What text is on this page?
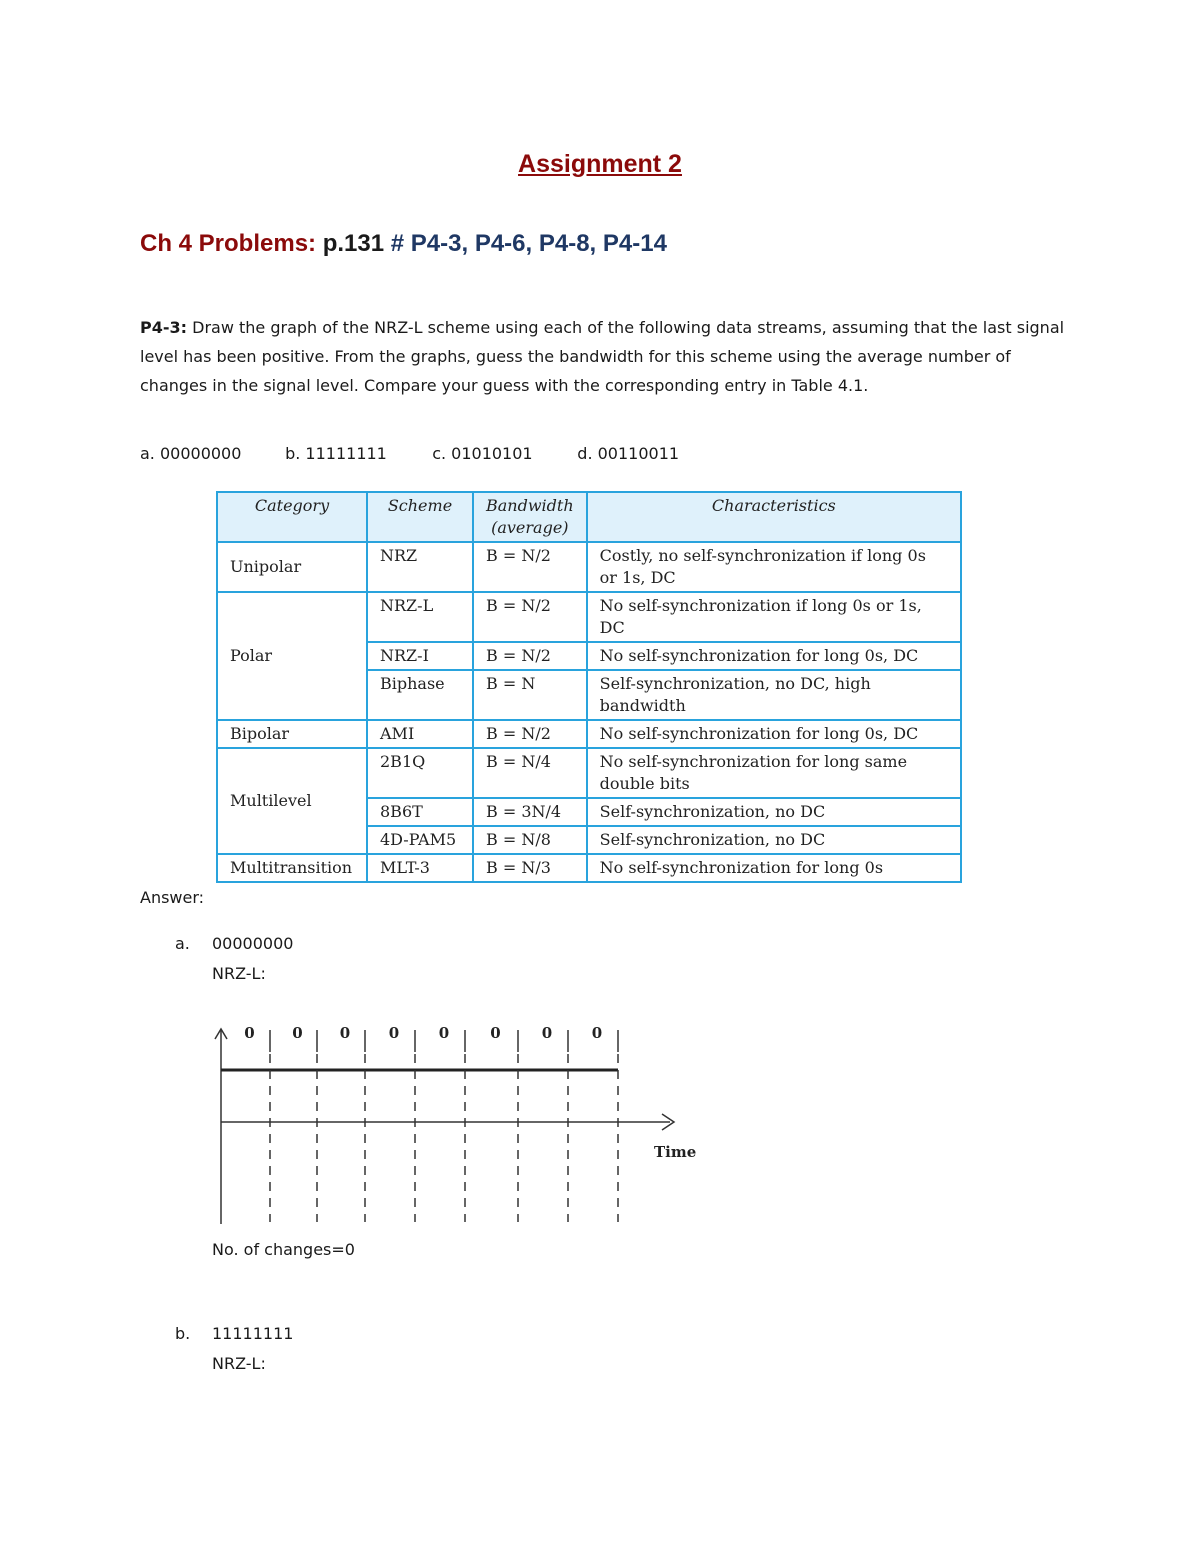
Assignment 2
Ch 4 Problems: p.131 # P4-3, P4-6, P4-8, P4-14
P4-3: Draw the graph of the NRZ-L scheme using each of the following data streams, assuming that the last signal level has been positive. From the graphs, guess the bandwidth for this scheme using the average number of changes in the signal level. Compare your guess with the corresponding entry in Table 4.1.
a. 00000000	b. 11111111	c. 01010101	d. 00110011
Category	Scheme	Bandwidth (average)	Characteristics
Unipolar	NRZ	B = N/2	Costly, no self-synchronization if long 0s or 1s, DC
Polar	NRZ-L	B = N/2	No self-synchronization if long 0s or 1s, DC
	NRZ-I	B = N/2	No self-synchronization for long 0s, DC
	Biphase	B = N	Self-synchronization, no DC, high bandwidth
Bipolar	AMI	B = N/2	No self-synchronization for long 0s, DC
Multilevel	2B1Q	B = N/4	No self-synchronization for long same double bits
	8B6T	B = 3N/4	Self-synchronization, no DC
	4D-PAM5	B = N/8	Self-synchronization, no DC
Multitransition	MLT-3	B = N/3	No self-synchronization for long 0s
Answer:
a. 00000000
NRZ-L:
Time
0	0 0	0	0	0	0	0
No. of changes=0
b. 11111111
NRZ-L:
